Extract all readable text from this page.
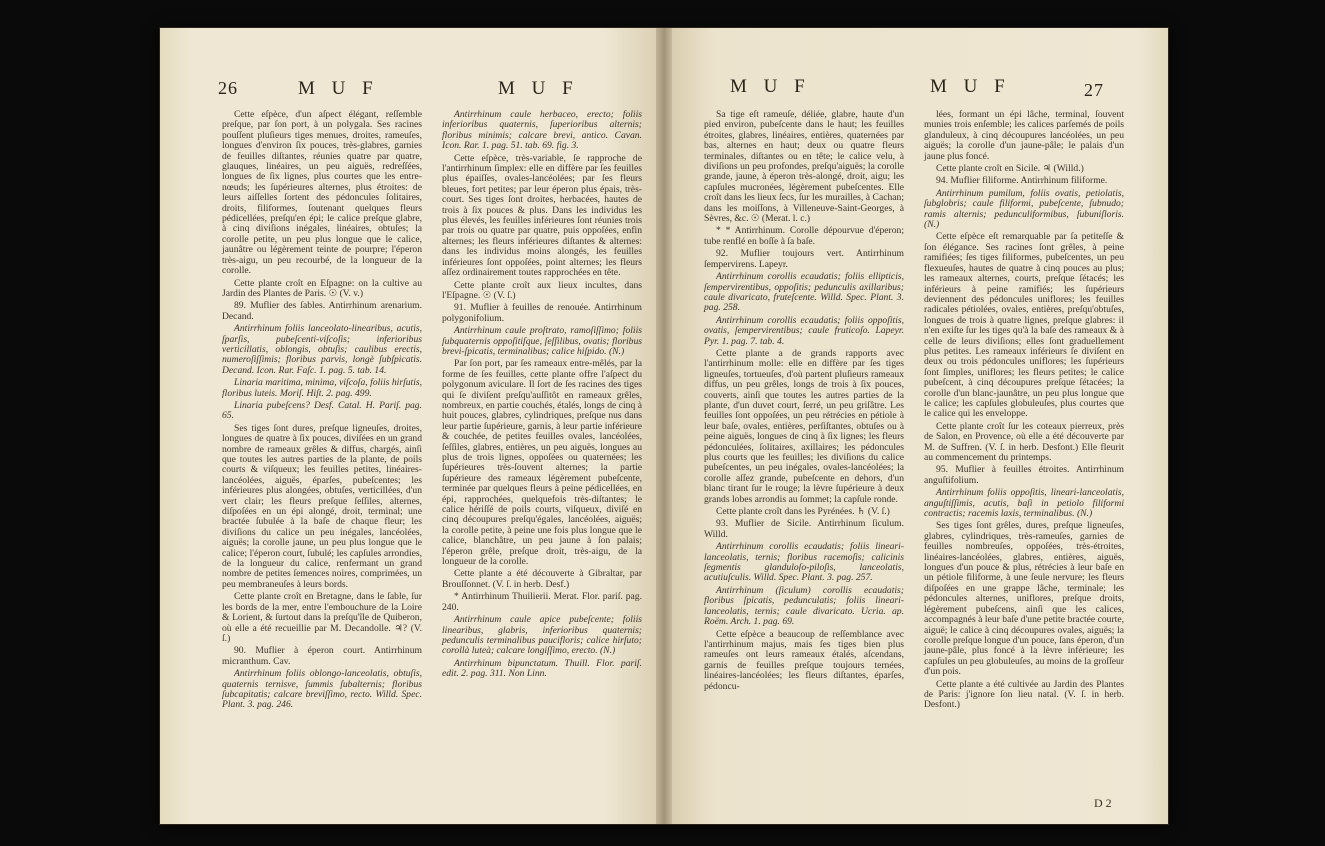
26	M U F	M U F

Cette eſpèce, d'un aſpect élégant, reſſemble preſque, par ſon port, à un polygala. Ses racines pouſſent pluſieurs tiges menues, droites, rameuſes, longues d'environ ſix pouces, très-glabres, garnies de feuilles diſtantes, réunies quatre par quatre, glauques, linéaires, un peu aiguës, redreſſées, longues de ſix lignes, plus courtes que les entre-nœuds; les ſupérieures alternes, plus étroites: de leurs aiſſelles ſortent des pédoncules ſolitaires, droits, filiformes, ſoutenant quelques fleurs pédicellées, preſqu'en épi; le calice preſque glabre, à cinq diviſions inégales, linéaires, obtuſes; la corolle petite, un peu plus longue que le calice, jaunâtre ou légèrement teinte de pourpre; l'éperon très-aigu, un peu recourbé, de la longueur de la corolle.

Cette plante croît en Eſpagne: on la cultive au Jardin des Plantes de Paris. ☉ (V. v.)

89. Muflier des ſables. Antirrhinum arenarium. Decand.

Antirrhinum foliis lanceolato-linearibus, acutis, ſparſis, pubeſcenti-viſcoſis; inferioribus verticillatis, oblongis, obtuſis; caulibus erectis, numeroſiſſimis; floribus parvis, longè ſubſpicatis. Decand. Icon. Rar. Faſc. 1. pag. 5. tab. 14.

Linaria maritima, minima, viſcoſa, foliis hirſutis, floribus luteis. Moriſ. Hiſt. 2. pag. 499.

Linaria pubeſcens? Desf. Catal. H. Pariſ. pag. 65.

Ses tiges ſont dures, preſque ligneuſes, droites, longues de quatre à ſix pouces, diviſées en un grand nombre de rameaux grêles & diffus, chargés, ainſi que toutes les autres parties de la plante, de poils courts & viſqueux; les feuilles petites, linéaires-lancéolées, aiguës, éparſes, pubeſcentes; les inférieures plus alongées, obtuſes, verticillées, d'un vert clair; les fleurs preſque ſeſſiles, alternes, diſpoſées en un épi alongé, droit, terminal; une bractée ſubulée à la baſe de chaque fleur; les diviſions du calice un peu inégales, lancéolées, aiguës; la corolle jaune, un peu plus longue que le calice; l'éperon court, ſubulé; les capſules arrondies, de la longueur du calice, renfermant un grand nombre de petites ſemences noires, comprimées, un peu membraneuſes à leurs bords.

Cette plante croît en Bretagne, dans le ſable, ſur les bords de la mer, entre l'embouchure de la Loire & Lorient, & ſurtout dans la preſqu'île de Quiberon, où elle a été recueillie par M. Decandolle. ♃? (V. ſ.)

90. Muflier à éperon court. Antirrhinum micranthum. Cav.

Antirrhinum foliis oblongo-lanceolatis, obtuſis, quaternis ternisve, ſummis ſubalternis; floribus ſubcapitatis; calcare breviſſimo, recto. Willd. Spec. Plant. 3. pag. 246.

Antirrhinum caule herbaceo, erecto; foliis inferioribus quaternis, ſuperioribus alternis; floribus minimis; calcare brevi, antico. Cavan. Icon. Rar. 1. pag. 51. tab. 69. fig. 3.

Cette eſpèce, très-variable, ſe rapproche de l'antirrhinum ſimplex: elle en diffère par ſes feuilles plus épaiſſes, ovales-lancéolées; par ſes fleurs bleues, fort petites; par leur éperon plus épais, très-court. Ses tiges ſont droites, herbacées, hautes de trois à ſix pouces & plus. Dans les individus les plus élevés, les feuilles inférieures ſont réunies trois par trois ou quatre par quatre, puis oppoſées, enfin alternes; les fleurs inférieures diſtantes & alternes: dans les individus moins alongés, les feuilles inférieures ſont oppoſées, point alternes; les fleurs aſſez ordinairement toutes rapprochées en tête.

Cette plante croît aux lieux incultes, dans l'Eſpagne. ☉ (V. ſ.)

91. Muflier à feuilles de renouée. Antirrhinum polygonifolium.

Antirrhinum caule proſtrato, ramoſiſſimo; foliis ſubquaternis oppoſitiſque, ſeſſilibus, ovatis; floribus brevi-ſpicatis, terminalibus; calice hiſpido. (N.)

Par ſon port, par ſes rameaux entre-mêlés, par la forme de ſes feuilles, cette plante offre l'aſpect du polygonum aviculare. Il ſort de ſes racines des tiges qui ſe diviſent preſqu'auſſitôt en rameaux grêles, nombreux, en partie couchés, étalés, longs de cinq à huit pouces, glabres, cylindriques, preſque nus dans leur partie ſupérieure, garnis, à leur partie inférieure & couchée, de petites feuilles ovales, lancéolées, ſeſſiles, glabres, entières, un peu aiguës, longues au plus de trois lignes, oppoſées ou quaternées; les ſupérieures très-ſouvent alternes; la partie ſupérieure des rameaux légèrement pubeſcente, terminée par quelques fleurs à peine pédicellées, en épi, rapprochées, quelquefois très-diſtantes; le calice hériſſé de poils courts, viſqueux, diviſé en cinq découpures preſqu'égales, lancéolées, aiguës; la corolle petite, à peine une fois plus longue que le calice, blanchâtre, un peu jaune à ſon palais; l'éperon grêle, preſque droit, très-aigu, de la longueur de la corolle.

Cette plante a été découverte à Gibraltar, par Brouſſonnet. (V. ſ. in herb. Desf.)

* Antirrhinum Thuilierii. Merat. Flor. pariſ. pag. 240.

Antirrhinum caule apice pubeſcente; foliis linearibus, glabris, inferioribus quaternis; pedunculis terminalibus paucifloris; calice hirſuto; corollà luteà; calcare longiſſimo, erecto. (N.)

Antirrhinum bipunctatum. Thuill. Flor. pariſ. edit. 2. pag. 311. Non Linn.

M U F	M U F	27

Sa tige eſt rameuſe, déliée, glabre, haute d'un pied environ, pubeſcente dans le haut; les feuilles étroites, glabres, linéaires, entières, quaternées par bas, alternes en haut; deux ou quatre fleurs terminales, diſtantes ou en tête; le calice velu, à diviſions un peu profondes, preſqu'aiguës; la corolle grande, jaune, à éperon très-alongé, droit, aigu; les capſules mucronées, légèrement pubeſcentes. Elle croît dans les lieux ſecs, ſur les murailles, à Cachan; dans les moiſſons, à Villeneuve-Saint-Georges, à Sèvres, &c. ☉ (Merat. l. c.)

* * Antirrhinum. Corolle dépourvue d'éperon; tube renflé en boſſe à ſa baſe.

92. Muflier toujours vert. Antirrhinum ſempervirens. Lapeyr.

Antirrhinum corollis ecaudatis; foliis ellipticis, ſempervirentibus, oppoſitis; pedunculis axillaribus; caule divaricato, fruteſcente. Willd. Spec. Plant. 3. pag. 258.

Antirrhinum corollis ecaudatis; foliis oppoſitis, ovatis, ſempervirentibus; caule fruticoſo. Lapeyr. Pyr. 1. pag. 7. tab. 4.

Cette plante a de grands rapports avec l'antirrhinum molle: elle en diffère par ſes tiges ligneuſes, tortueuſes, d'où partent pluſieurs rameaux diffus, un peu grêles, longs de trois à ſix pouces, couverts, ainſi que toutes les autres parties de la plante, d'un duvet court, ſerré, un peu griſâtre. Les feuilles ſont oppoſées, un peu rétrécies en pétiole à leur baſe, ovales, entières, perſiſtantes, obtuſes ou à peine aiguës, longues de cinq à ſix lignes; les fleurs pédonculées, ſolitaires, axillaires; les pédoncules plus courts que les feuilles; les diviſions du calice pubeſcentes, un peu inégales, ovales-lancéolées; la corolle aſſez grande, pubeſcente en dehors, d'un blanc tirant ſur le rouge; la lèvre ſupérieure à deux grands lobes arrondis au ſommet; la capſule ronde.

Cette plante croît dans les Pyrénées. ♄ (V. ſ.)

93. Muflier de Sicile. Antirrhinum ſiculum. Willd.

Antirrhinum corollis ecaudatis; foliis lineari-lanceolatis, ternis; floribus racemoſis; calicinis ſegmentis glanduloſo-piloſis, lanceolatis, acutiuſculis. Willd. Spec. Plant. 3. pag. 257.

Antirrhinum (ſiculum) corollis ecaudatis; floribus ſpicatis, pedunculatis; foliis lineari-lanceolatis, ternis; caule divaricato. Ucria. ap. Roëm. Arch. 1. pag. 69.

Cette eſpèce a beaucoup de reſſemblance avec l'antirrhinum majus, mais ſes tiges bien plus rameuſes ont leurs rameaux étalés, aſcendans, garnis de feuilles preſque toujours ternées, linéaires-lancéolées; les fleurs diſtantes, éparſes, pédoncu-

lées, formant un épi lâche, terminal, ſouvent munies trois enſemble; les calices parſemés de poils glanduleux, à cinq découpures lancéolées, un peu aiguës; la corolle d'un jaune-pâle; le palais d'un jaune plus foncé.

Cette plante croît en Sicile. ♃ (Willd.)

94. Muflier filiforme. Antirrhinum filiforme.

Antirrhinum pumilum, foliis ovatis, petiolatis, ſubglobris; caule filiformi, pubeſcente, ſubnudo; ramis alternis; pedunculiformibus, ſubuniſloris. (N.)

Cette eſpèce eſt remarquable par ſa petiteſſe & ſon élégance. Ses racines ſont grêles, à peine ramifiées; ſes tiges filiformes, pubeſcentes, un peu flexueuſes, hautes de quatre à cinq pouces au plus; les rameaux alternes, courts, preſque ſétacés; les inférieurs à peine ramifiés; les ſupérieurs deviennent des pédoncules uniflores; les feuilles radicales pétiolées, ovales, entières, preſqu'obtuſes, longues de trois à quatre lignes, preſque glabres: il n'en exiſte ſur les tiges qu'à la baſe des rameaux & à celle de leurs diviſions; elles ſont graduellement plus petites. Les rameaux inférieurs ſe diviſent en deux ou trois pédoncules uniflores; les ſupérieurs ſont ſimples, uniflores; les fleurs petites; le calice pubeſcent, à cinq découpures preſque ſétacées; la corolle d'un blanc-jaunâtre, un peu plus longue que le calice; les capſules globuleuſes, plus courtes que le calice qui les enveloppe.

Cette plante croît ſur les coteaux pierreux, près de Salon, en Provence, où elle a été découverte par M. de Suffren. (V. ſ. in herb. Desfont.) Elle fleurit au commencement du printemps.

95. Muflier à feuilles étroites. Antirrhinum anguſtifolium.

Antirrhinum foliis oppoſitis, lineari-lanceolatis, anguſtiſſimis, acutis, baſi in petiolo filiformi contractis; racemis laxis, terminalibus. (N.)

Ses tiges ſont grêles, dures, preſque ligneuſes, glabres, cylindriques, très-rameuſes, garnies de feuilles nombreuſes, oppoſées, très-étroites, linéaires-lancéolées, glabres, entières, aiguës, longues d'un pouce & plus, rétrécies à leur baſe en un pétiole filiforme, à une ſeule nervure; les fleurs diſpoſées en une grappe lâche, terminale; les pédoncules alternes, uniflores, preſque droits, légèrement pubeſcens, ainſi que les calices, accompagnés à leur baſe d'une petite bractée courte, aiguë; le calice à cinq découpures ovales, aiguës; la corolle preſque longue d'un pouce, ſans éperon, d'un jaune-pâle, plus foncé à la lèvre inférieure; les capſules un peu globuleuſes, au moins de la groſſeur d'un pois.

Cette plante a été cultivée au Jardin des Plantes de Paris: j'ignore ſon lieu natal. (V. ſ. in herb. Desfont.)

D 2
